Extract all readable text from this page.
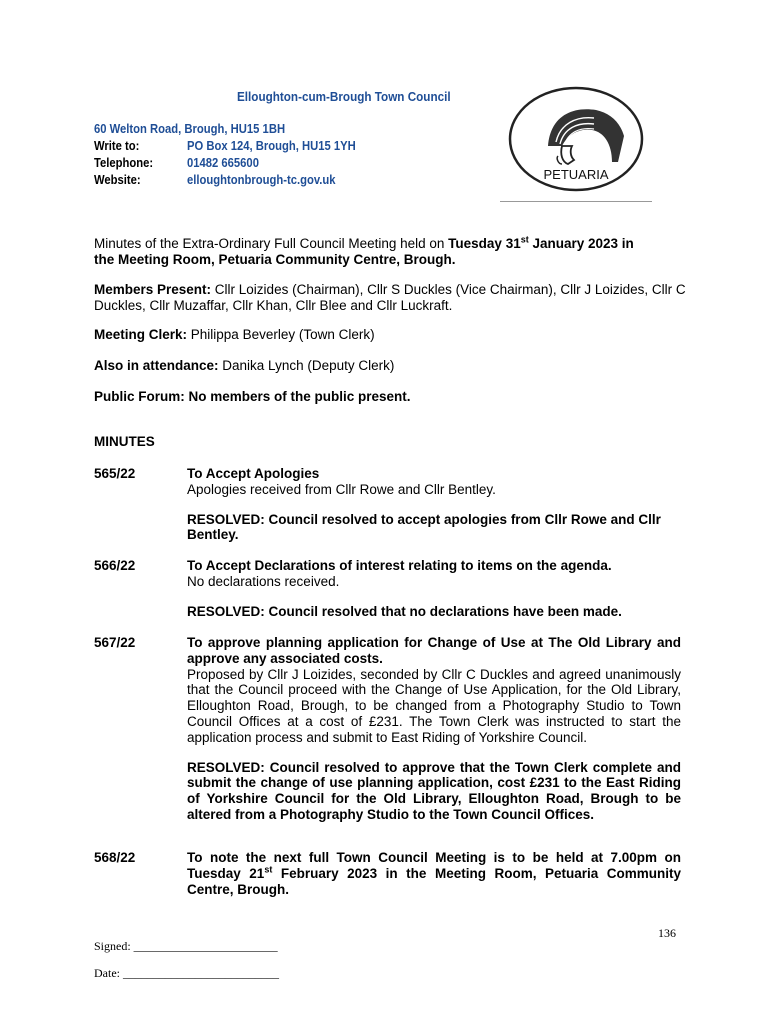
Elloughton-cum-Brough Town Council
60 Welton Road, Brough, HU15 1BH
Write to:	PO Box 124, Brough, HU15 1YH
Telephone:	01482 665600
Website:	elloughtonbrough-tc.gov.uk	PETUARIA
Minutes of the Extra-Ordinary Full Council Meeting held on Tuesday 31st January 2023 in
the Meeting Room, Petuaria Community Centre, Brough.
Members Present: Cllr Loizides (Chairman), Cllr S Duckles (Vice Chairman), Cllr J Loizides, Cllr C Duckles, Cllr Muzaffar, Cllr Khan, Cllr Blee and Cllr Luckraft.
Meeting Clerk: Philippa Beverley (Town Clerk)
Also in attendance: Danika Lynch (Deputy Clerk)
Public Forum: No members of the public present.
MINUTES
565/22	To Accept Apologies
Apologies received from Cllr Rowe and Cllr Bentley.
RESOLVED: Council resolved to accept apologies from Cllr Rowe and Cllr Bentley.
566/22	To Accept Declarations of interest relating to items on the agenda.
No declarations received.
RESOLVED: Council resolved that no declarations have been made.
567/22	To approve planning application for Change of Use at The Old Library and approve any associated costs.
Proposed by Cllr J Loizides, seconded by Cllr C Duckles and agreed unanimously that the Council proceed with the Change of Use Application, for the Old Library, Elloughton Road, Brough, to be changed from a Photography Studio to Town Council Offices at a cost of £231. The Town Clerk was instructed to start the application process and submit to East Riding of Yorkshire Council.
RESOLVED: Council resolved to approve that the Town Clerk complete and submit the change of use planning application, cost £231 to the East Riding of Yorkshire Council for the Old Library, Elloughton Road, Brough to be altered from a Photography Studio to the Town Council Offices.
568/22	To note the next full Town Council Meeting is to be held at 7.00pm on Tuesday 21st February 2023 in the Meeting Room, Petuaria Community Centre, Brough.
136
Signed: ________________________
Date: __________________________
